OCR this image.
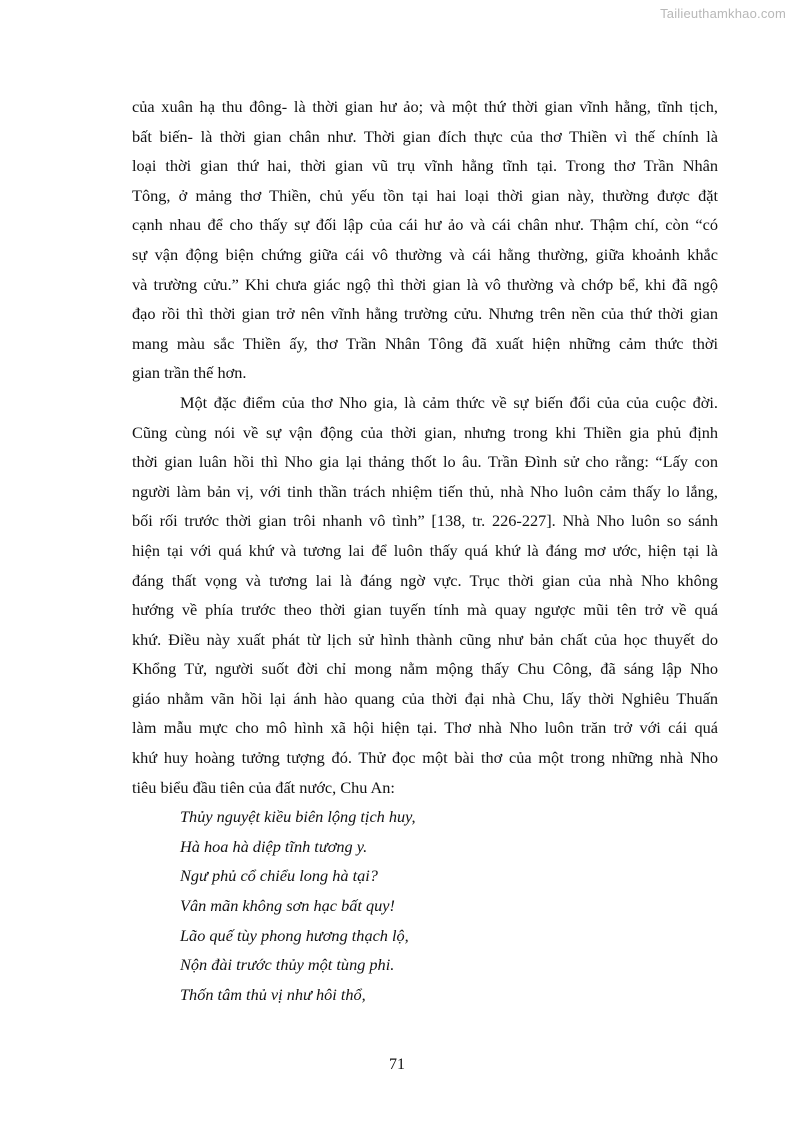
Tailieuthamkhao.com
của xuân hạ thu đông- là thời gian hư ảo; và một thứ thời gian vĩnh hằng, tĩnh tịch,
bất biến- là thời gian chân như. Thời gian đích thực của thơ Thiền vì thế chính là
loại thời gian thứ hai, thời gian vũ trụ vĩnh hằng tĩnh tại. Trong thơ Trần Nhân
Tông, ở mảng thơ Thiền, chủ yếu tồn tại hai loại thời gian này, thường được đặt
cạnh nhau để cho thấy sự đối lập của cái hư ảo và cái chân như. Thậm chí, còn “có
sự vận động biện chứng giữa cái vô thường và cái hằng thường, giữa khoảnh khắc
và trường cửu.” Khi chưa giác ngộ thì thời gian là vô thường và chớp bể, khi đã ngộ
đạo rồi thì thời gian trở nên vĩnh hằng trường cửu. Nhưng trên nền của thứ thời gian
mang màu sắc Thiền ấy, thơ Trần Nhân Tông đã xuất hiện những cảm thức thời
gian trần thế hơn.
Một đặc điểm của thơ Nho gia, là cảm thức về sự biến đổi của của cuộc đời.
Cũng cùng nói về sự vận động của thời gian, nhưng trong khi Thiền gia phủ định
thời gian luân hồi thì Nho gia lại thảng thốt lo âu. Trần Đình sử cho rằng: “Lấy con
người làm bản vị, với tinh thần trách nhiệm tiến thủ, nhà Nho luôn cảm thấy lo lắng,
bối rối trước thời gian trôi nhanh vô tình” [138, tr. 226-227]. Nhà Nho luôn so sánh
hiện tại với quá khứ và tương lai để luôn thấy quá khứ là đáng mơ ước, hiện tại là
đáng thất vọng và tương lai là đáng ngờ vực. Trục thời gian của nhà Nho không
hướng về phía trước theo thời gian tuyến tính mà quay ngược mũi tên trở về quá
khứ. Điều này xuất phát từ lịch sử hình thành cũng như bản chất của học thuyết do
Khổng Tử, người suốt đời chỉ mong nằm mộng thấy Chu Công, đã sáng lập Nho
giáo nhằm vãn hồi lại ánh hào quang của thời đại nhà Chu, lấy thời Nghiêu Thuấn
làm mẫu mực cho mô hình xã hội hiện tại. Thơ nhà Nho luôn trăn trở với cái quá
khứ huy hoàng tưởng tượng đó. Thử đọc một bài thơ của một trong những nhà Nho
tiêu biểu đầu tiên của đất nước, Chu An:
Thủy nguyệt kiều biên lộng tịch huy,
Hà hoa hà diệp tĩnh tương y.
Ngư phủ cổ chiểu long hà tại?
Vân mãn không sơn hạc bất quy!
Lão quế tùy phong hương thạch lộ,
Nộn đài trước thủy một tùng phi.
Thốn tâm thủ vị như hôi thổ,
71
